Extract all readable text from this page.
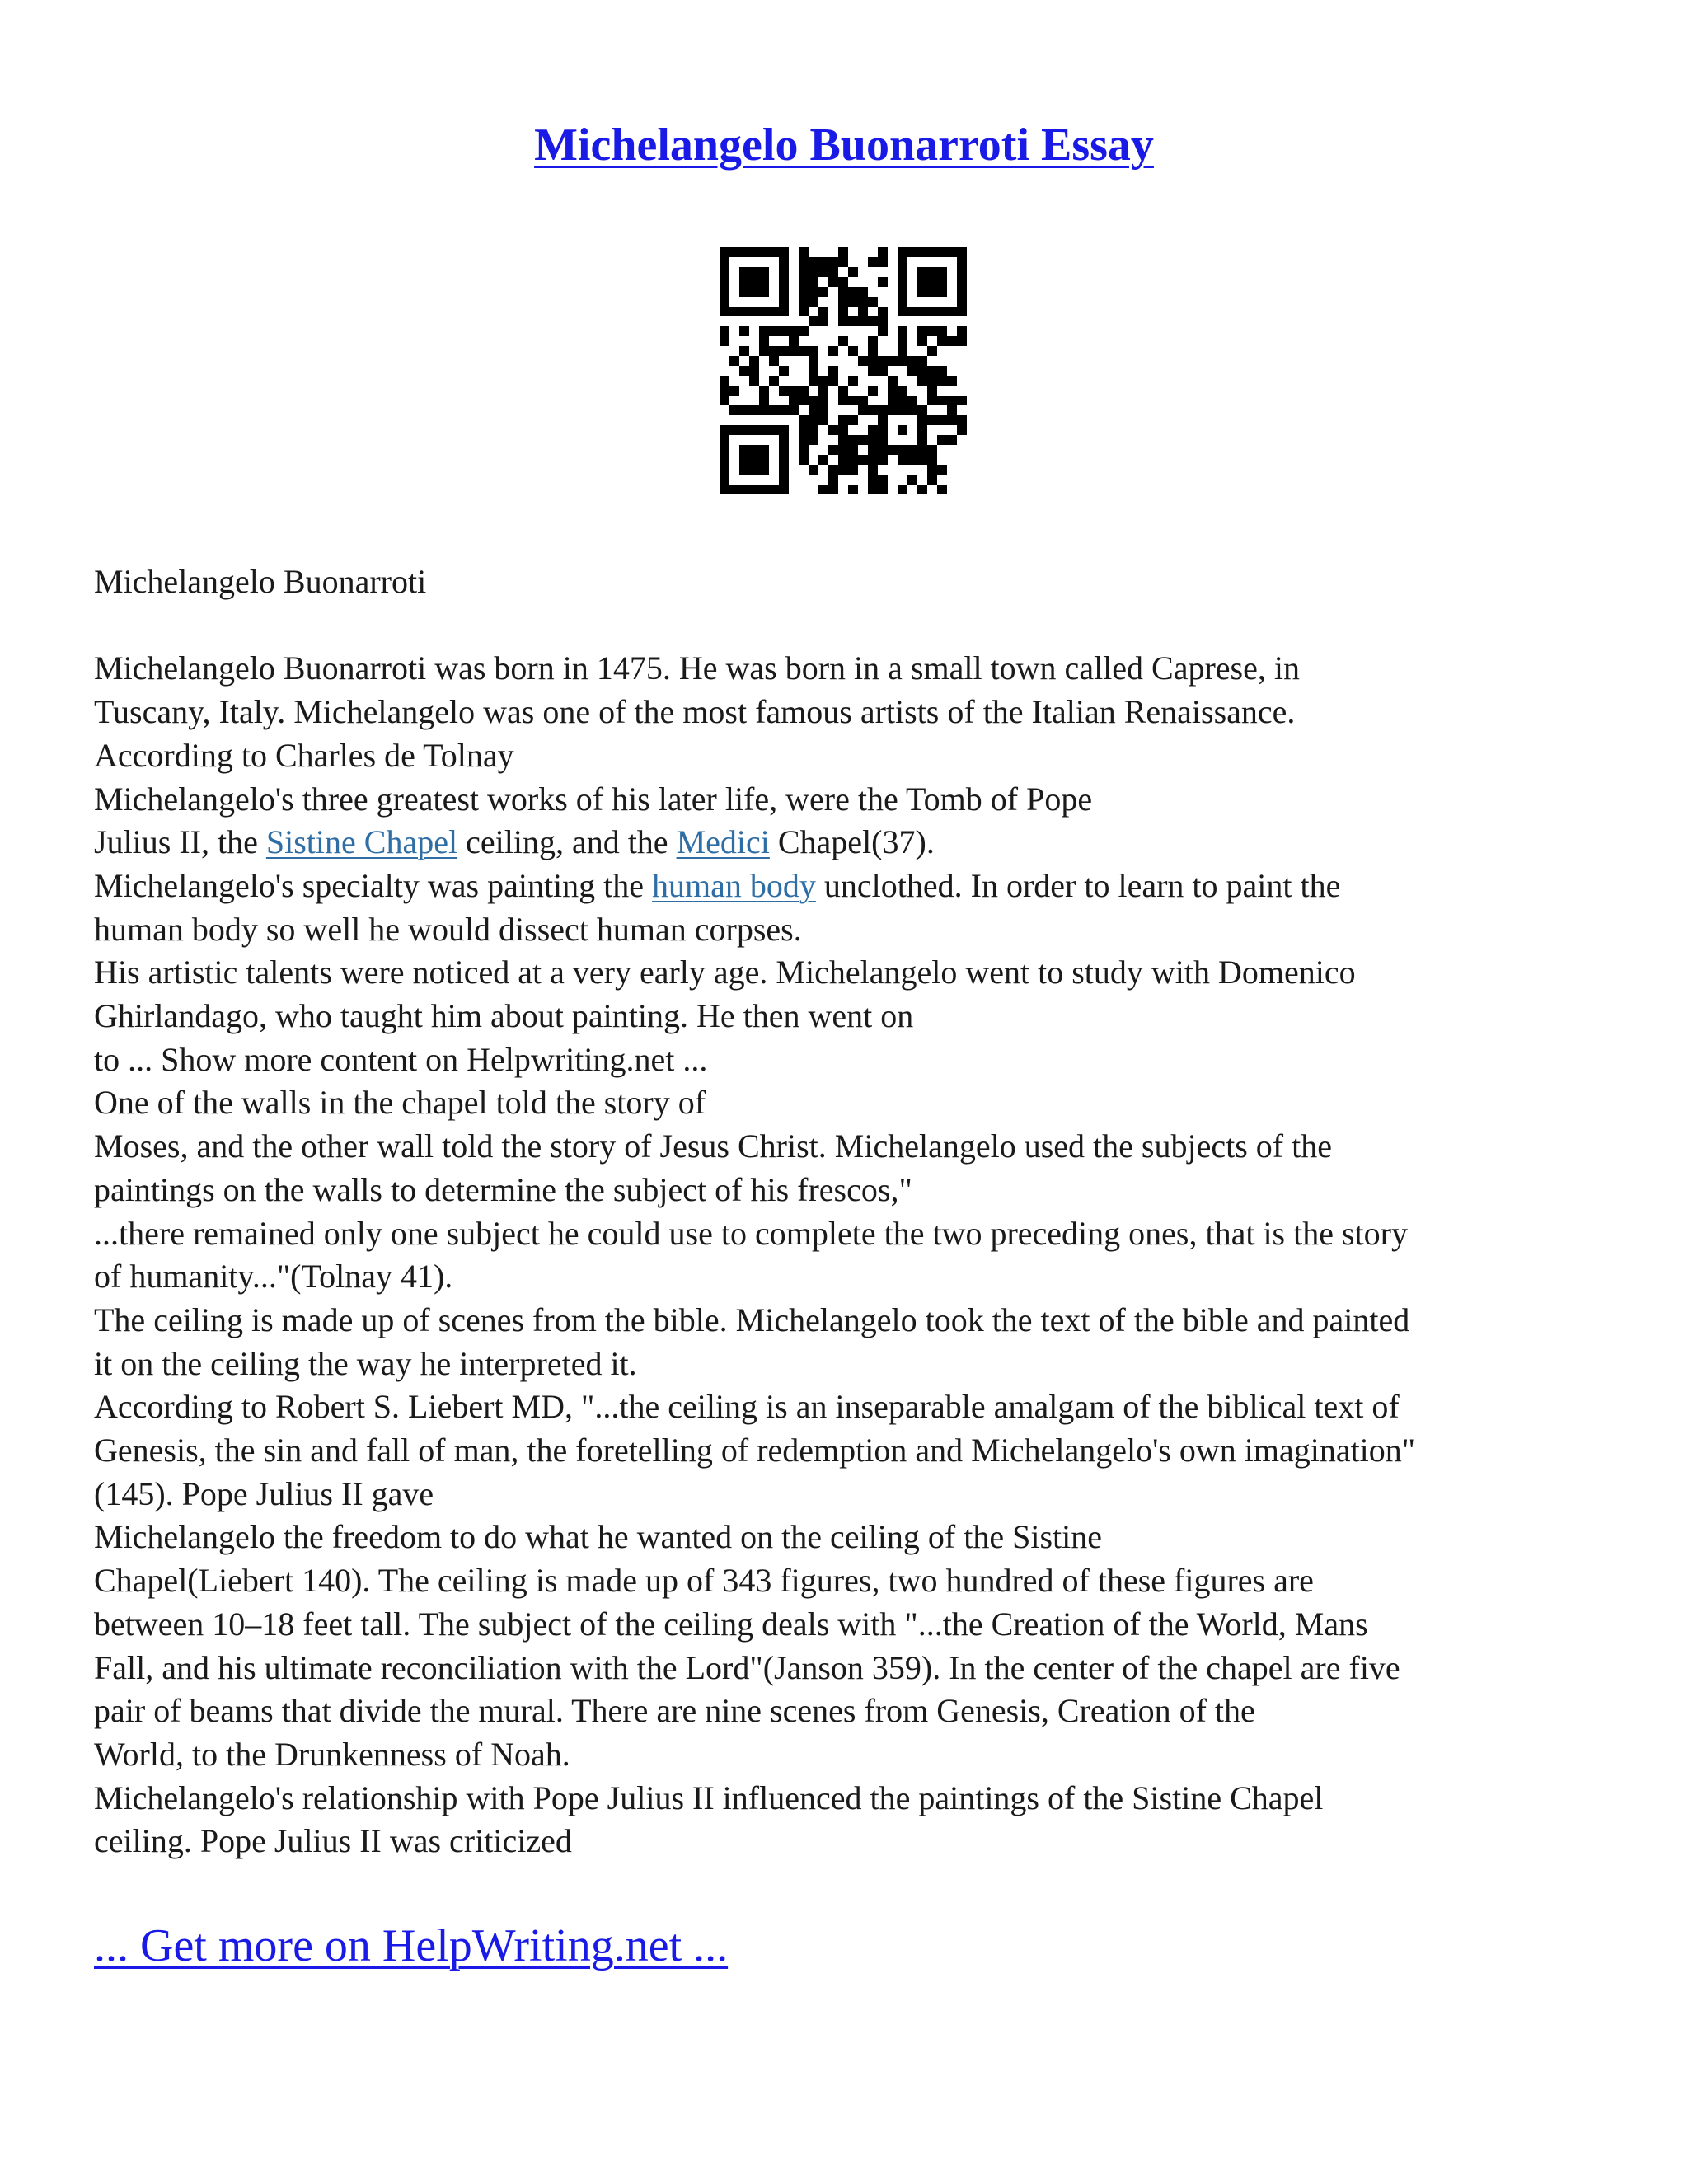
Michelangelo Buonarroti Essay
Michelangelo Buonarroti
Michelangelo Buonarroti was born in 1475. He was born in a small town called Caprese, in
Tuscany, Italy. Michelangelo was one of the most famous artists of the Italian Renaissance.
According to Charles de Tolnay
Michelangelo's three greatest works of his later life, were the Tomb of Pope
Julius II, the Sistine Chapel ceiling, and the Medici Chapel(37).
Michelangelo's specialty was painting the human body unclothed. In order to learn to paint the
human body so well he would dissect human corpses.
His artistic talents were noticed at a very early age. Michelangelo went to study with Domenico
Ghirlandago, who taught him about painting. He then went on
to ... Show more content on Helpwriting.net ...
One of the walls in the chapel told the story of
Moses, and the other wall told the story of Jesus Christ. Michelangelo used the subjects of the
paintings on the walls to determine the subject of his frescos,"
...there remained only one subject he could use to complete the two preceding ones, that is the story
of humanity..."(Tolnay 41).
The ceiling is made up of scenes from the bible. Michelangelo took the text of the bible and painted
it on the ceiling the way he interpreted it.
According to Robert S. Liebert MD, "...the ceiling is an inseparable amalgam of the biblical text of
Genesis, the sin and fall of man, the foretelling of redemption and Michelangelo's own imagination"
(145). Pope Julius II gave
Michelangelo the freedom to do what he wanted on the ceiling of the Sistine
Chapel(Liebert 140). The ceiling is made up of 343 figures, two hundred of these figures are
between 10–18 feet tall. The subject of the ceiling deals with "...the Creation of the World, Mans
Fall, and his ultimate reconciliation with the Lord"(Janson 359). In the center of the chapel are five
pair of beams that divide the mural. There are nine scenes from Genesis, Creation of the
World, to the Drunkenness of Noah.
Michelangelo's relationship with Pope Julius II influenced the paintings of the Sistine Chapel
ceiling. Pope Julius II was criticized
... Get more on HelpWriting.net ...
